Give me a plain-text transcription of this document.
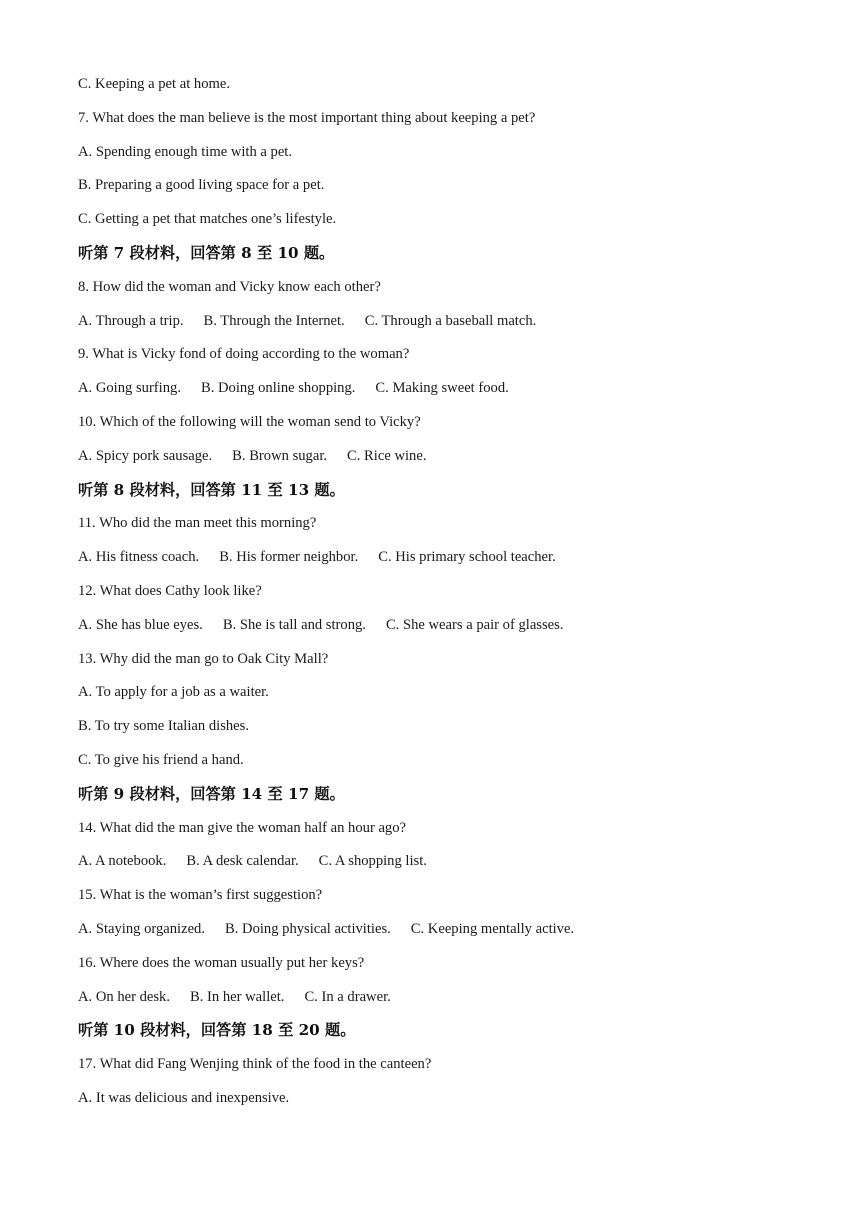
C. Keeping a pet at home.
7. What does the man believe is the most important thing about keeping a pet?
A. Spending enough time with a pet.
B. Preparing a good living space for a pet.
C. Getting a pet that matches one’s lifestyle.
听第 7 段材料，回答第 8 至 10 题。
8. How did the woman and Vicky know each other?
A. Through a trip. B. Through the Internet. C. Through a baseball match.
9. What is Vicky fond of doing according to the woman?
A. Going surfing. B. Doing online shopping. C. Making sweet food.
10. Which of the following will the woman send to Vicky?
A. Spicy pork sausage. B. Brown sugar. C. Rice wine.
听第 8 段材料，回答第 11 至 13 题。
11. Who did the man meet this morning?
A. His fitness coach. B. His former neighbor. C. His primary school teacher.
12. What does Cathy look like?
A. She has blue eyes. B. She is tall and strong. C. She wears a pair of glasses.
13. Why did the man go to Oak City Mall?
A. To apply for a job as a waiter.
B. To try some Italian dishes.
C. To give his friend a hand.
听第 9 段材料，回答第 14 至 17 题。
14. What did the man give the woman half an hour ago?
A. A notebook. B. A desk calendar. C. A shopping list.
15. What is the woman’s first suggestion?
A. Staying organized. B. Doing physical activities. C. Keeping mentally active.
16. Where does the woman usually put her keys?
A. On her desk. B. In her wallet. C. In a drawer.
听第 10 段材料，回答第 18 至 20 题。
17. What did Fang Wenjing think of the food in the canteen?
A. It was delicious and inexpensive.
